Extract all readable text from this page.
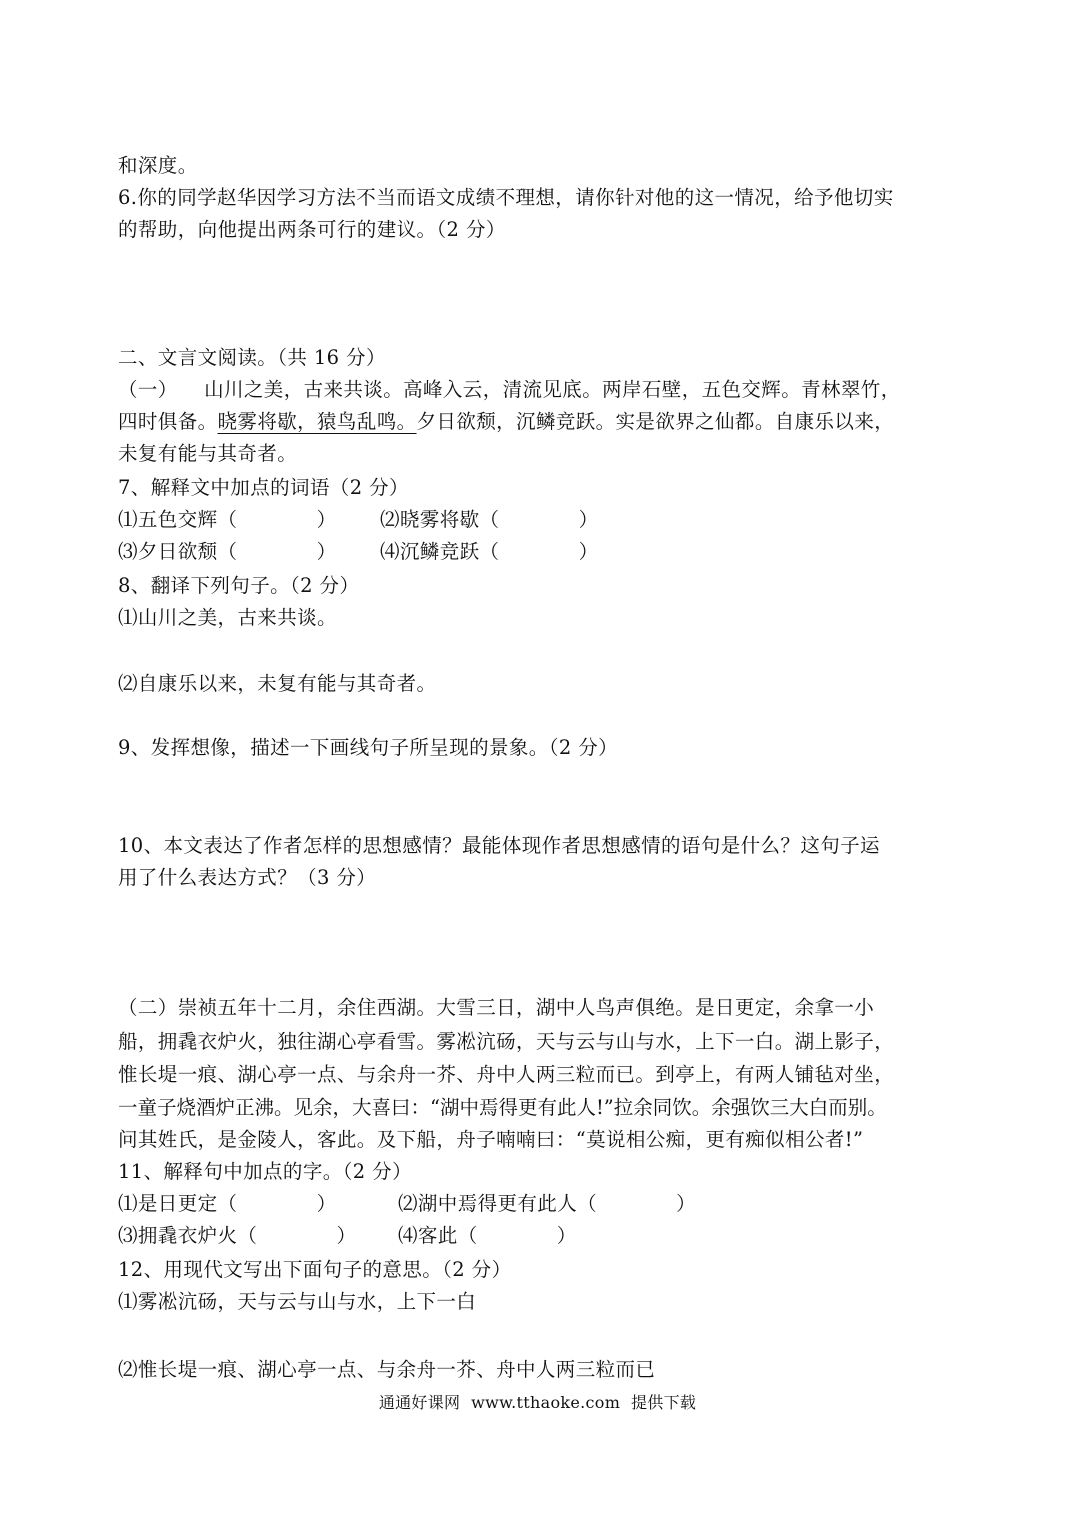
和深度。
6.你的同学赵华因学习方法不当而语文成绩不理想，请你针对他的这一情况，给予他切实
的帮助，向他提出两条可行的建议。（2 分）
二、文言文阅读。（共 16 分）
（一）    山川之美，古来共谈。高峰入云，清流见底。两岸石壁，五色交辉。青林翠竹，
四时俱备。晓雾将歇，猿鸟乱鸣。夕日欲颓，沉鳞竞跃。实是欲界之仙都。自康乐以来，
未复有能与其奇者。
7、解释文中加点的词语（2 分）
⑴五色交辉（            ） ⑵晓雾将歇（            ）
⑶夕日欲颓（            ） ⑷沉鳞竞跃（            ）
8、翻译下列句子。（2 分）
⑴山川之美，古来共谈。
⑵自康乐以来，未复有能与其奇者。
9、发挥想像，描述一下画线句子所呈现的景象。（2 分）
10、本文表达了作者怎样的思想感情？最能体现作者思想感情的语句是什么？这句子运
用了什么表达方式？（3 分）
（二）崇祯五年十二月，余住西湖。大雪三日，湖中人鸟声俱绝。是日更定，余拿一小
船，拥毳衣炉火，独往湖心亭看雪。雾凇沆砀，天与云与山与水，上下一白。湖上影子，
惟长堤一痕、湖心亭一点、与余舟一芥、舟中人两三粒而已。到亭上，有两人铺毡对坐，
一童子烧酒炉正沸。见余，大喜曰：“湖中焉得更有此人!”拉余同饮。余强饮三大白而别。
问其姓氏，是金陵人，客此。及下船，舟子喃喃曰：“莫说相公痴，更有痴似相公者!”
11、解释句中加点的字。（2 分）
⑴是日更定（            ）	⑵湖中焉得更有此人（            ）
⑶拥毳衣炉火（            ） ⑷客此（            ）
12、用现代文写出下面句子的意思。（2 分）
⑴雾凇沆砀，天与云与山与水，上下一白
⑵惟长堤一痕、湖心亭一点、与余舟一芥、舟中人两三粒而已
通通好课网  www.tthaoke.com  提供下载
